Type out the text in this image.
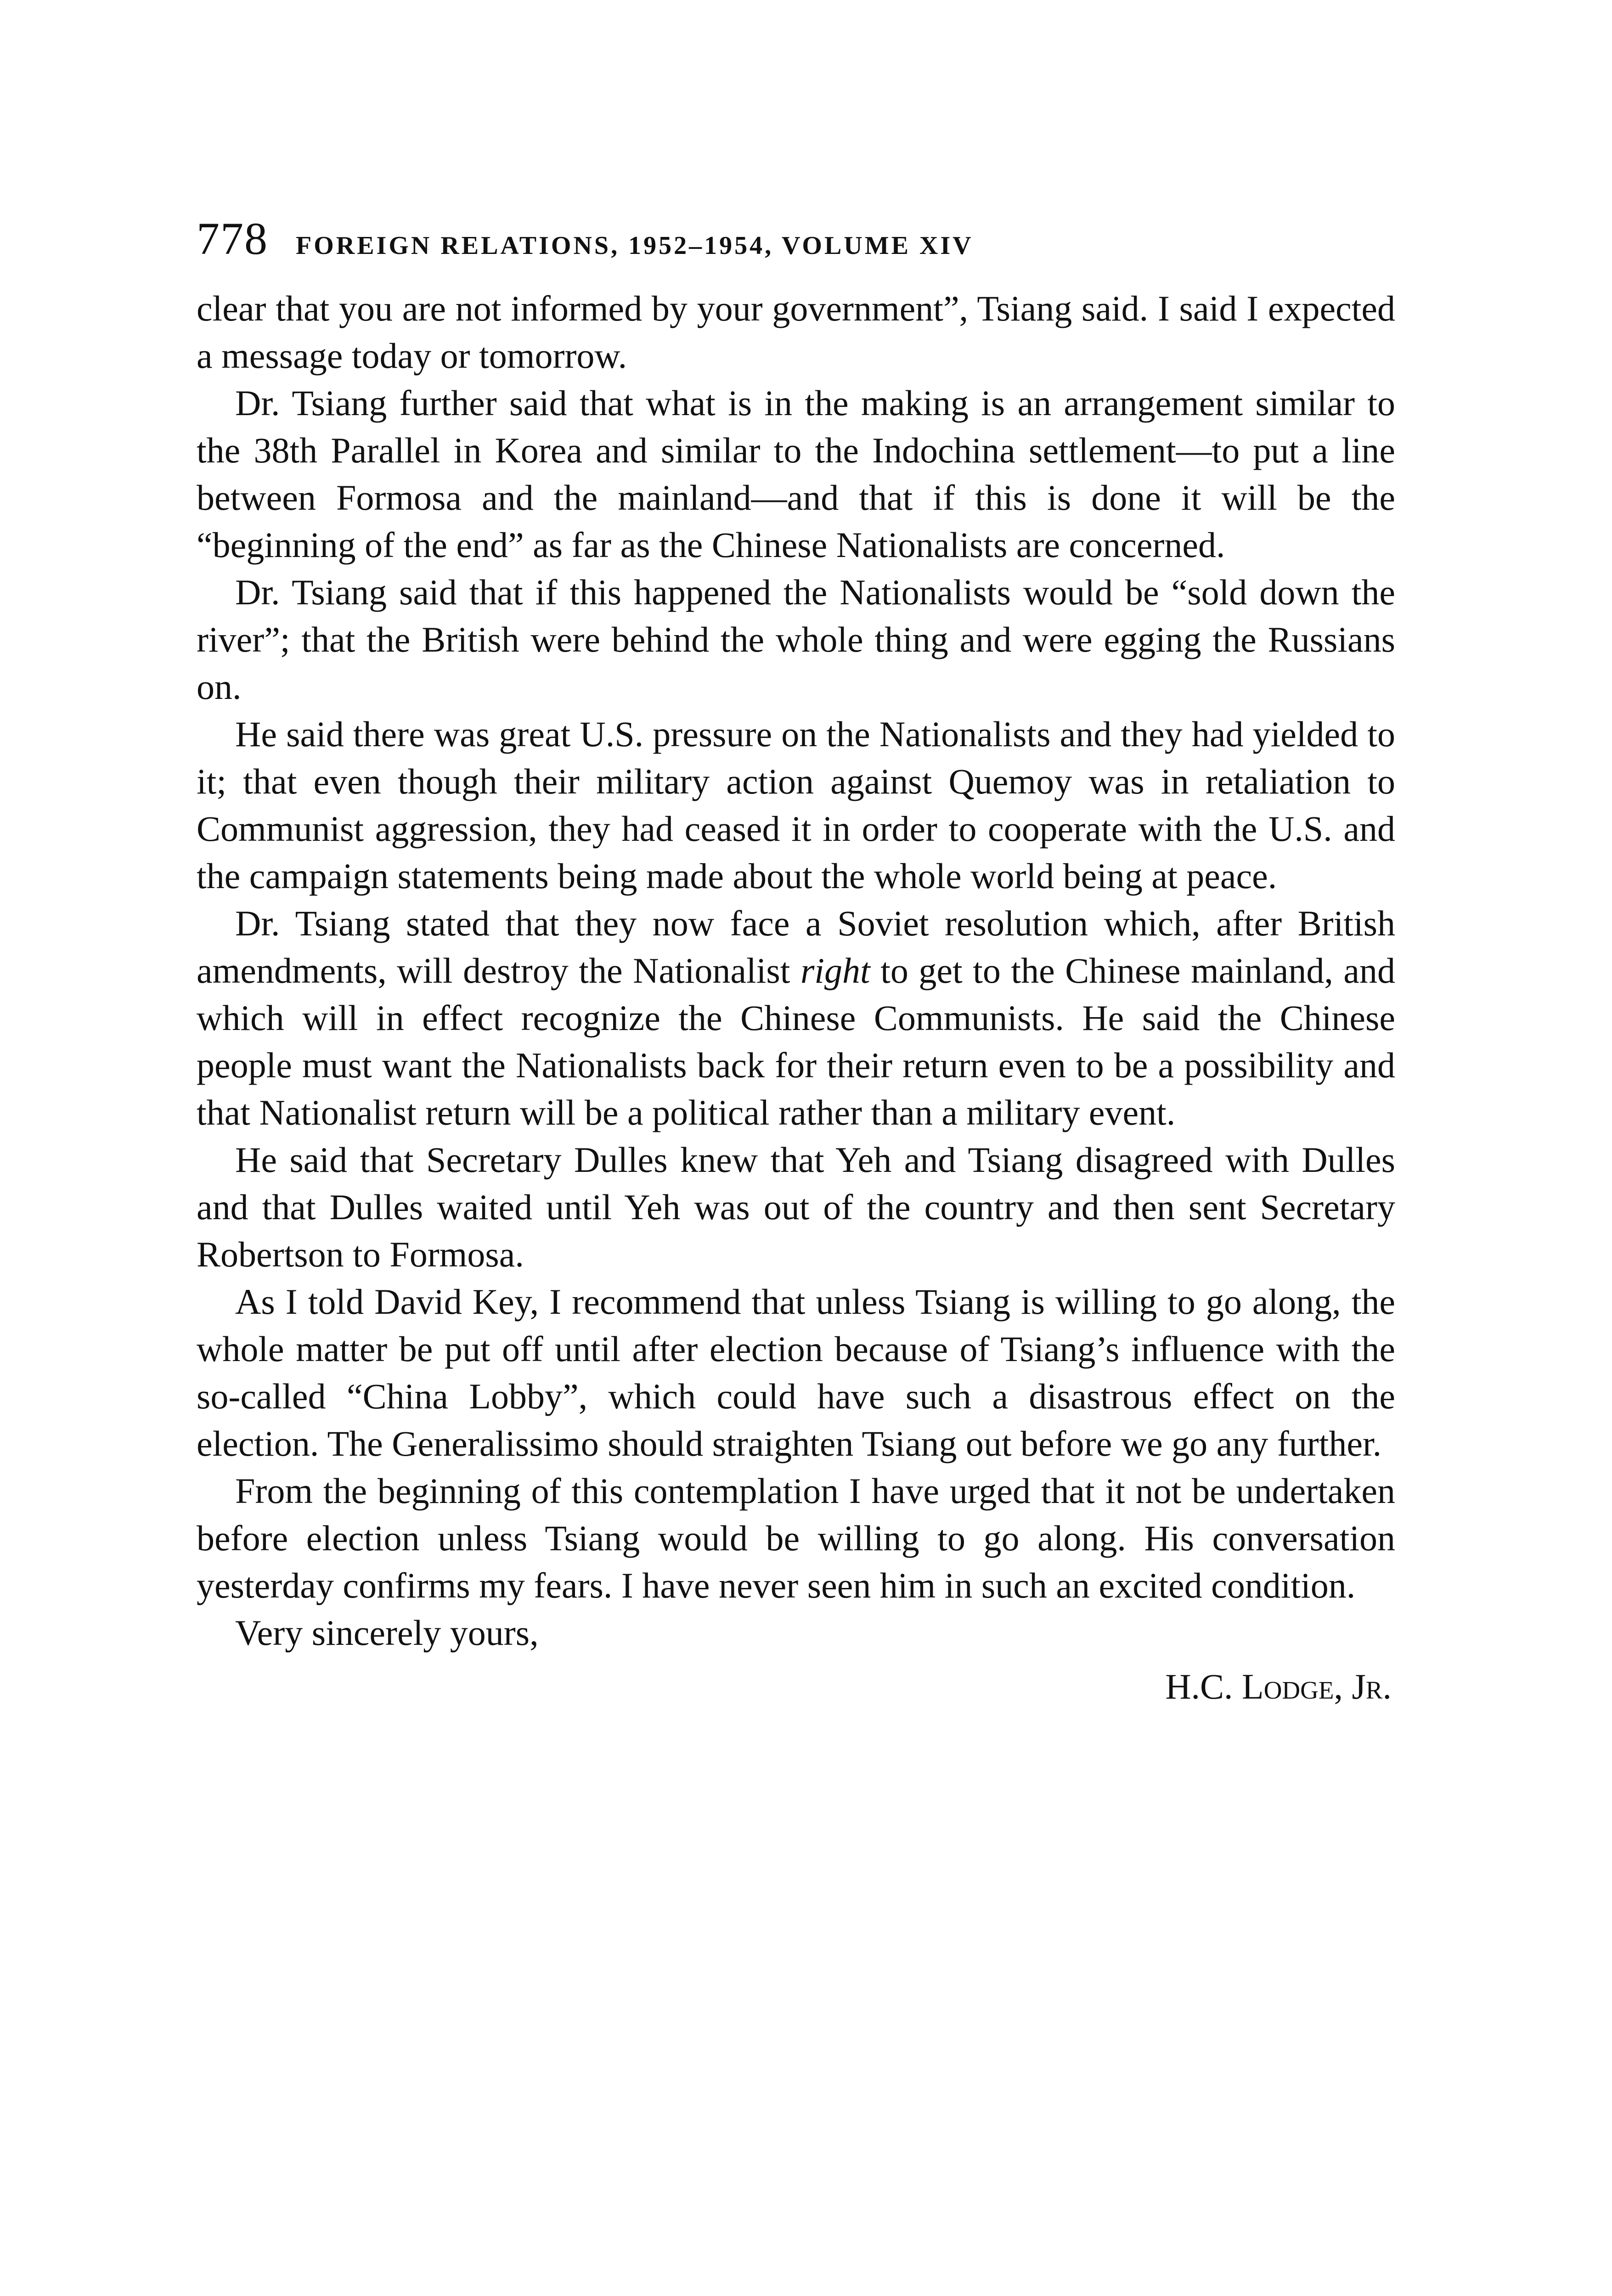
778 FOREIGN RELATIONS, 1952–1954, VOLUME XIV

clear that you are not informed by your government”, Tsiang said. I said I expected a message today or tomorrow.

Dr. Tsiang further said that what is in the making is an arrangement similar to the 38th Parallel in Korea and similar to the Indochina settlement—to put a line between Formosa and the mainland—and that if this is done it will be the “beginning of the end” as far as the Chinese Nationalists are concerned.

Dr. Tsiang said that if this happened the Nationalists would be “sold down the river”; that the British were behind the whole thing and were egging the Russians on.

He said there was great U.S. pressure on the Nationalists and they had yielded to it; that even though their military action against Quemoy was in retaliation to Communist aggression, they had ceased it in order to cooperate with the U.S. and the campaign statements being made about the whole world being at peace.

Dr. Tsiang stated that they now face a Soviet resolution which, after British amendments, will destroy the Nationalist right to get to the Chinese mainland, and which will in effect recognize the Chinese Communists. He said the Chinese people must want the Nationalists back for their return even to be a possibility and that Nationalist return will be a political rather than a military event.

He said that Secretary Dulles knew that Yeh and Tsiang disagreed with Dulles and that Dulles waited until Yeh was out of the country and then sent Secretary Robertson to Formosa.

As I told David Key, I recommend that unless Tsiang is willing to go along, the whole matter be put off until after election because of Tsiang’s influence with the so-called “China Lobby”, which could have such a disastrous effect on the election. The Generalissimo should straighten Tsiang out before we go any further.

From the beginning of this contemplation I have urged that it not be undertaken before election unless Tsiang would be willing to go along. His conversation yesterday confirms my fears. I have never seen him in such an excited condition.

Very sincerely yours,

H.C. Lodge, Jr.
